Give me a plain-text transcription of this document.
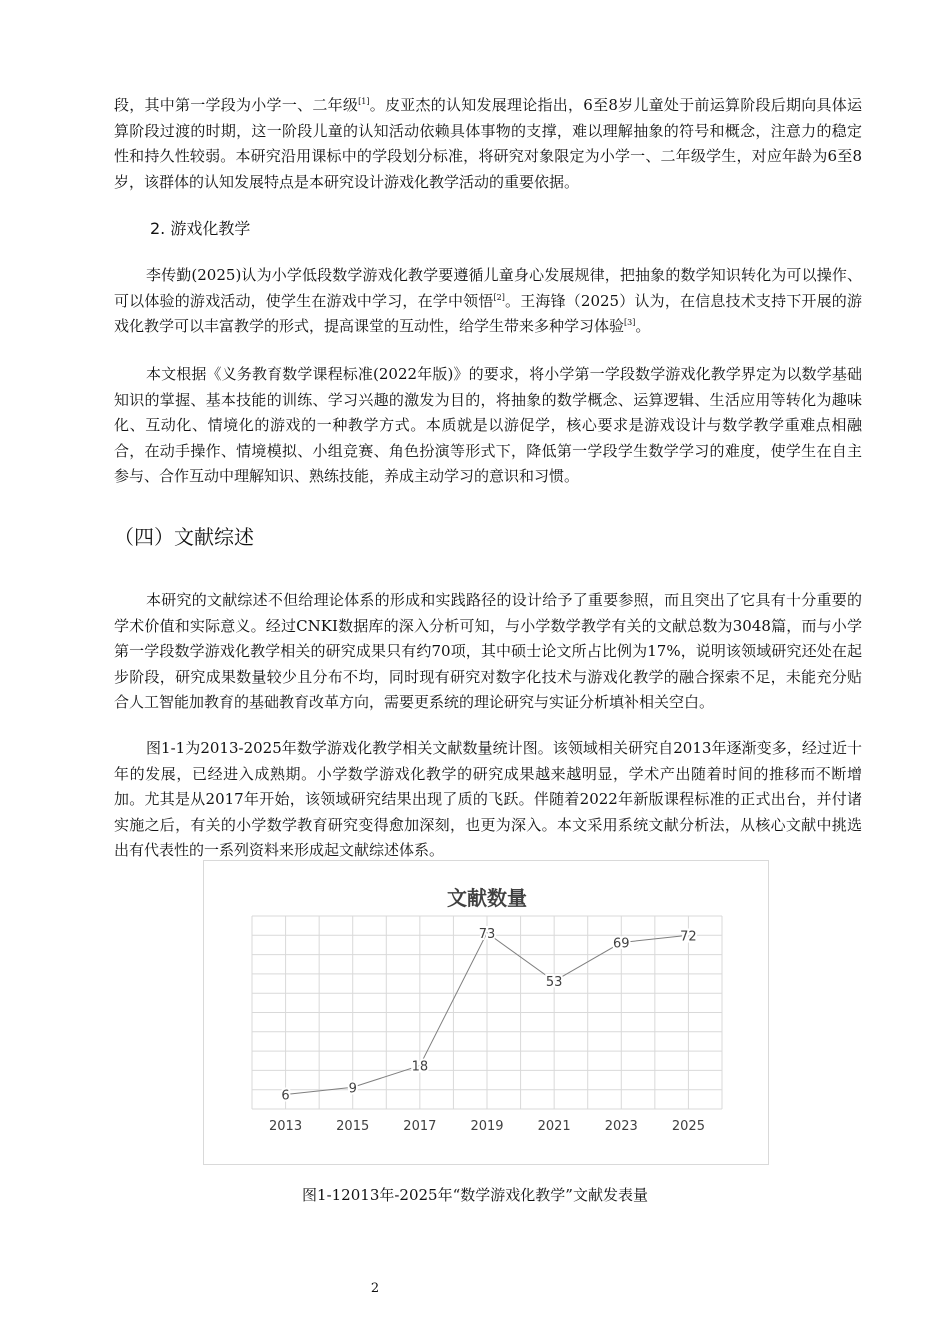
段，其中第一学段为小学一、二年级[1]。皮亚杰的认知发展理论指出，6至8岁儿童处于前运算阶段后期向具体运算阶段过渡的时期，这一阶段儿童的认知活动依赖具体事物的支撑，难以理解抽象的符号和概念，注意力的稳定性和持久性较弱。本研究沿用课标中的学段划分标准，将研究对象限定为小学一、二年级学生，对应年龄为6至8岁，该群体的认知发展特点是本研究设计游戏化教学活动的重要依据。

2. 游戏化教学

李传勤(2025)认为小学低段数学游戏化教学要遵循儿童身心发展规律，把抽象的数学知识转化为可以操作、可以体验的游戏活动，使学生在游戏中学习，在学中领悟[2]。王海锋（2025）认为，在信息技术支持下开展的游戏化教学可以丰富教学的形式，提高课堂的互动性，给学生带来多种学习体验[3]。

本文根据《义务教育数学课程标准(2022年版)》的要求，将小学第一学段数学游戏化教学界定为以数学基础知识的掌握、基本技能的训练、学习兴趣的激发为目的，将抽象的数学概念、运算逻辑、生活应用等转化为趣味化、互动化、情境化的游戏的一种教学方式。本质就是以游促学，核心要求是游戏设计与数学教学重难点相融合，在动手操作、情境模拟、小组竞赛、角色扮演等形式下，降低第一学段学生数学学习的难度，使学生在自主参与、合作互动中理解知识、熟练技能，养成主动学习的意识和习惯。

（四）文献综述

本研究的文献综述不但给理论体系的形成和实践路径的设计给予了重要参照，而且突出了它具有十分重要的学术价值和实际意义。经过CNKI数据库的深入分析可知，与小学数学教学有关的文献总数为3048篇，而与小学第一学段数学游戏化教学相关的研究成果只有约70项，其中硕士论文所占比例为17%，说明该领域研究还处在起步阶段，研究成果数量较少且分布不均，同时现有研究对数字化技术与游戏化教学的融合探索不足，未能充分贴合人工智能加教育的基础教育改革方向，需要更系统的理论研究与实证分析填补相关空白。

图1-1为2013-2025年数学游戏化教学相关文献数量统计图。该领域相关研究自2013年逐渐变多，经过近十年的发展，已经进入成熟期。小学数学游戏化教学的研究成果越来越明显，学术产出随着时间的推移而不断增加。尤其是从2017年开始，该领域研究结果出现了质的飞跃。伴随着2022年新版课程标准的正式出台，并付诸实施之后，有关的小学数学教育研究变得愈加深刻，也更为深入。本文采用系统文献分析法，从核心文献中挑选出有代表性的一系列资料来形成起文献综述体系。

文献数量
6	9
18
73
53
69	72
2013	2015	2017	2019	2021	2023	2025

图1-12013年-2025年“数学游戏化教学”文献发表量

2
